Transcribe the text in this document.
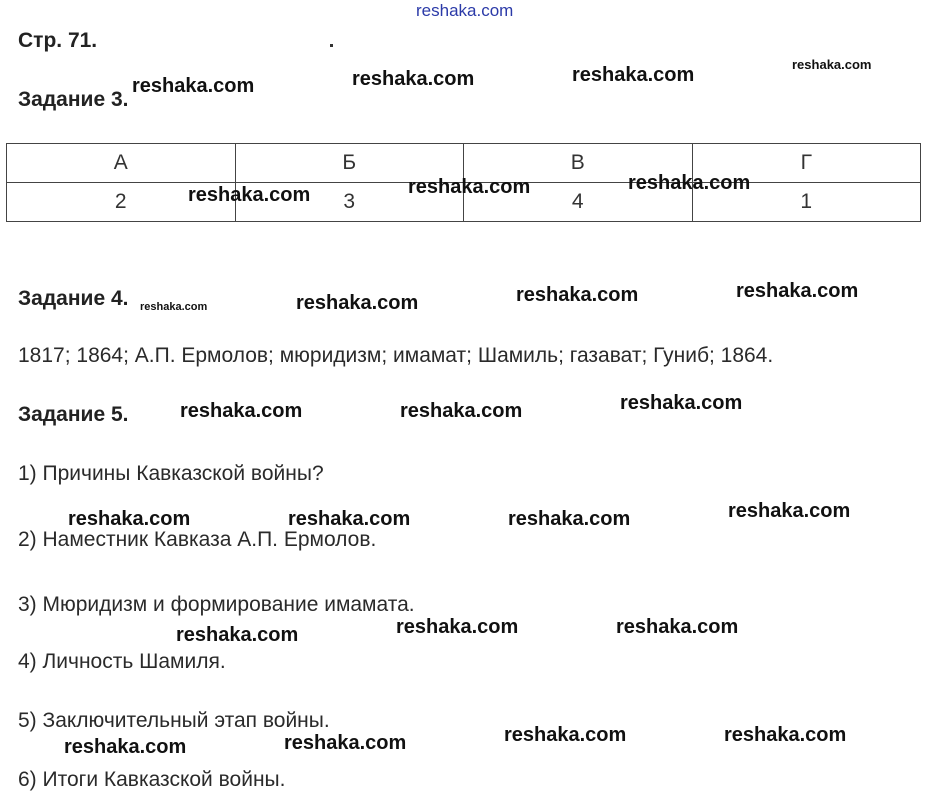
reshaka.com
Стр. 71.
Задание 3.
А	Б	В	Г
2	3	4	1
Задание 4.
1817; 1864; А.П. Ермолов; мюридизм; имамат; Шамиль; газават; Гуниб; 1864.
Задание 5.
1) Причины Кавказской войны?
2) Наместник Кавказа А.П. Ермолов.
3) Мюридизм и формирование имамата.
4) Личность Шамиля.
5) Заключительный этап войны.
6) Итоги Кавказской войны.
reshaka.com	reshaka.com	reshaka.com	reshaka.com
reshaka.com	reshaka.com	reshaka.com
reshaka.com	reshaka.com	reshaka.com	reshaka.com
reshaka.com	reshaka.com	reshaka.com
reshaka.com	reshaka.com	reshaka.com	reshaka.com
reshaka.com	reshaka.com	reshaka.com
reshaka.com	reshaka.com	reshaka.com	reshaka.com
